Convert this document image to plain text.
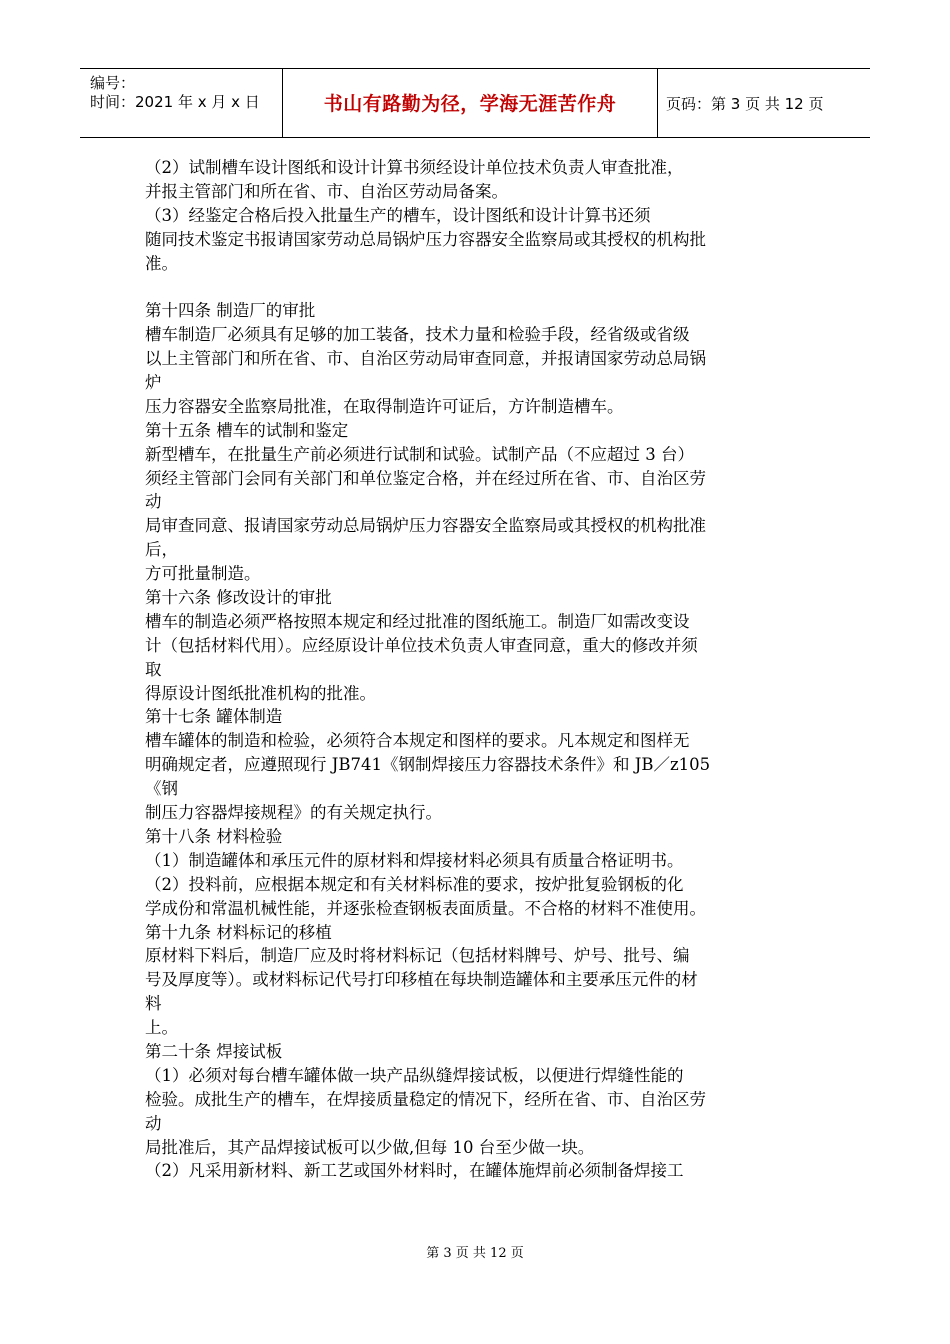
编号：
时间：2021 年 x 月 x 日	书山有路勤为径，学海无涯苦作舟	页码：第 3 页 共 12 页
（2）试制槽车设计图纸和设计计算书须经设计单位技术负责人审查批准，
并报主管部门和所在省、市、自治区劳动局备案。
（3）经鉴定合格后投入批量生产的槽车，设计图纸和设计计算书还须
随同技术鉴定书报请国家劳动总局锅炉压力容器安全监察局或其授权的机构批
准。
第十四条 制造厂的审批
槽车制造厂必须具有足够的加工装备，技术力量和检验手段，经省级或省级
以上主管部门和所在省、市、自治区劳动局审查同意，并报请国家劳动总局锅
炉
压力容器安全监察局批准，在取得制造许可证后，方许制造槽车。
第十五条 槽车的试制和鉴定
新型槽车，在批量生产前必须进行试制和试验。试制产品（不应超过 3 台）
须经主管部门会同有关部门和单位鉴定合格，并在经过所在省、市、自治区劳
动
局审查同意、报请国家劳动总局锅炉压力容器安全监察局或其授权的机构批准
后，
方可批量制造。
第十六条 修改设计的审批
槽车的制造必须严格按照本规定和经过批准的图纸施工。制造厂如需改变设
计（包括材料代用）。应经原设计单位技术负责人审查同意，重大的修改并须
取
得原设计图纸批准机构的批准。
第十七条 罐体制造
槽车罐体的制造和检验，必须符合本规定和图样的要求。凡本规定和图样无
明确规定者，应遵照现行 JB741《钢制焊接压力容器技术条件》和 JB／z105
《钢
制压力容器焊接规程》的有关规定执行。
第十八条 材料检验
（1）制造罐体和承压元件的原材料和焊接材料必须具有质量合格证明书。
（2）投料前，应根据本规定和有关材料标准的要求，按炉批复验钢板的化
学成份和常温机械性能，并逐张检查钢板表面质量。不合格的材料不准使用。
第十九条 材料标记的移植
原材料下料后，制造厂应及时将材料标记（包括材料牌号、炉号、批号、编
号及厚度等）。或材料标记代号打印移植在每块制造罐体和主要承压元件的材
料
上。
第二十条 焊接试板
（1）必须对每台槽车罐体做一块产品纵缝焊接试板，以便进行焊缝性能的
检验。成批生产的槽车，在焊接质量稳定的情况下，经所在省、市、自治区劳
动
局批准后，其产品焊接试板可以少做,但每 10 台至少做一块。
（2）凡采用新材料、新工艺或国外材料时，在罐体施焊前必须制备焊接工
第 3 页 共 12 页
